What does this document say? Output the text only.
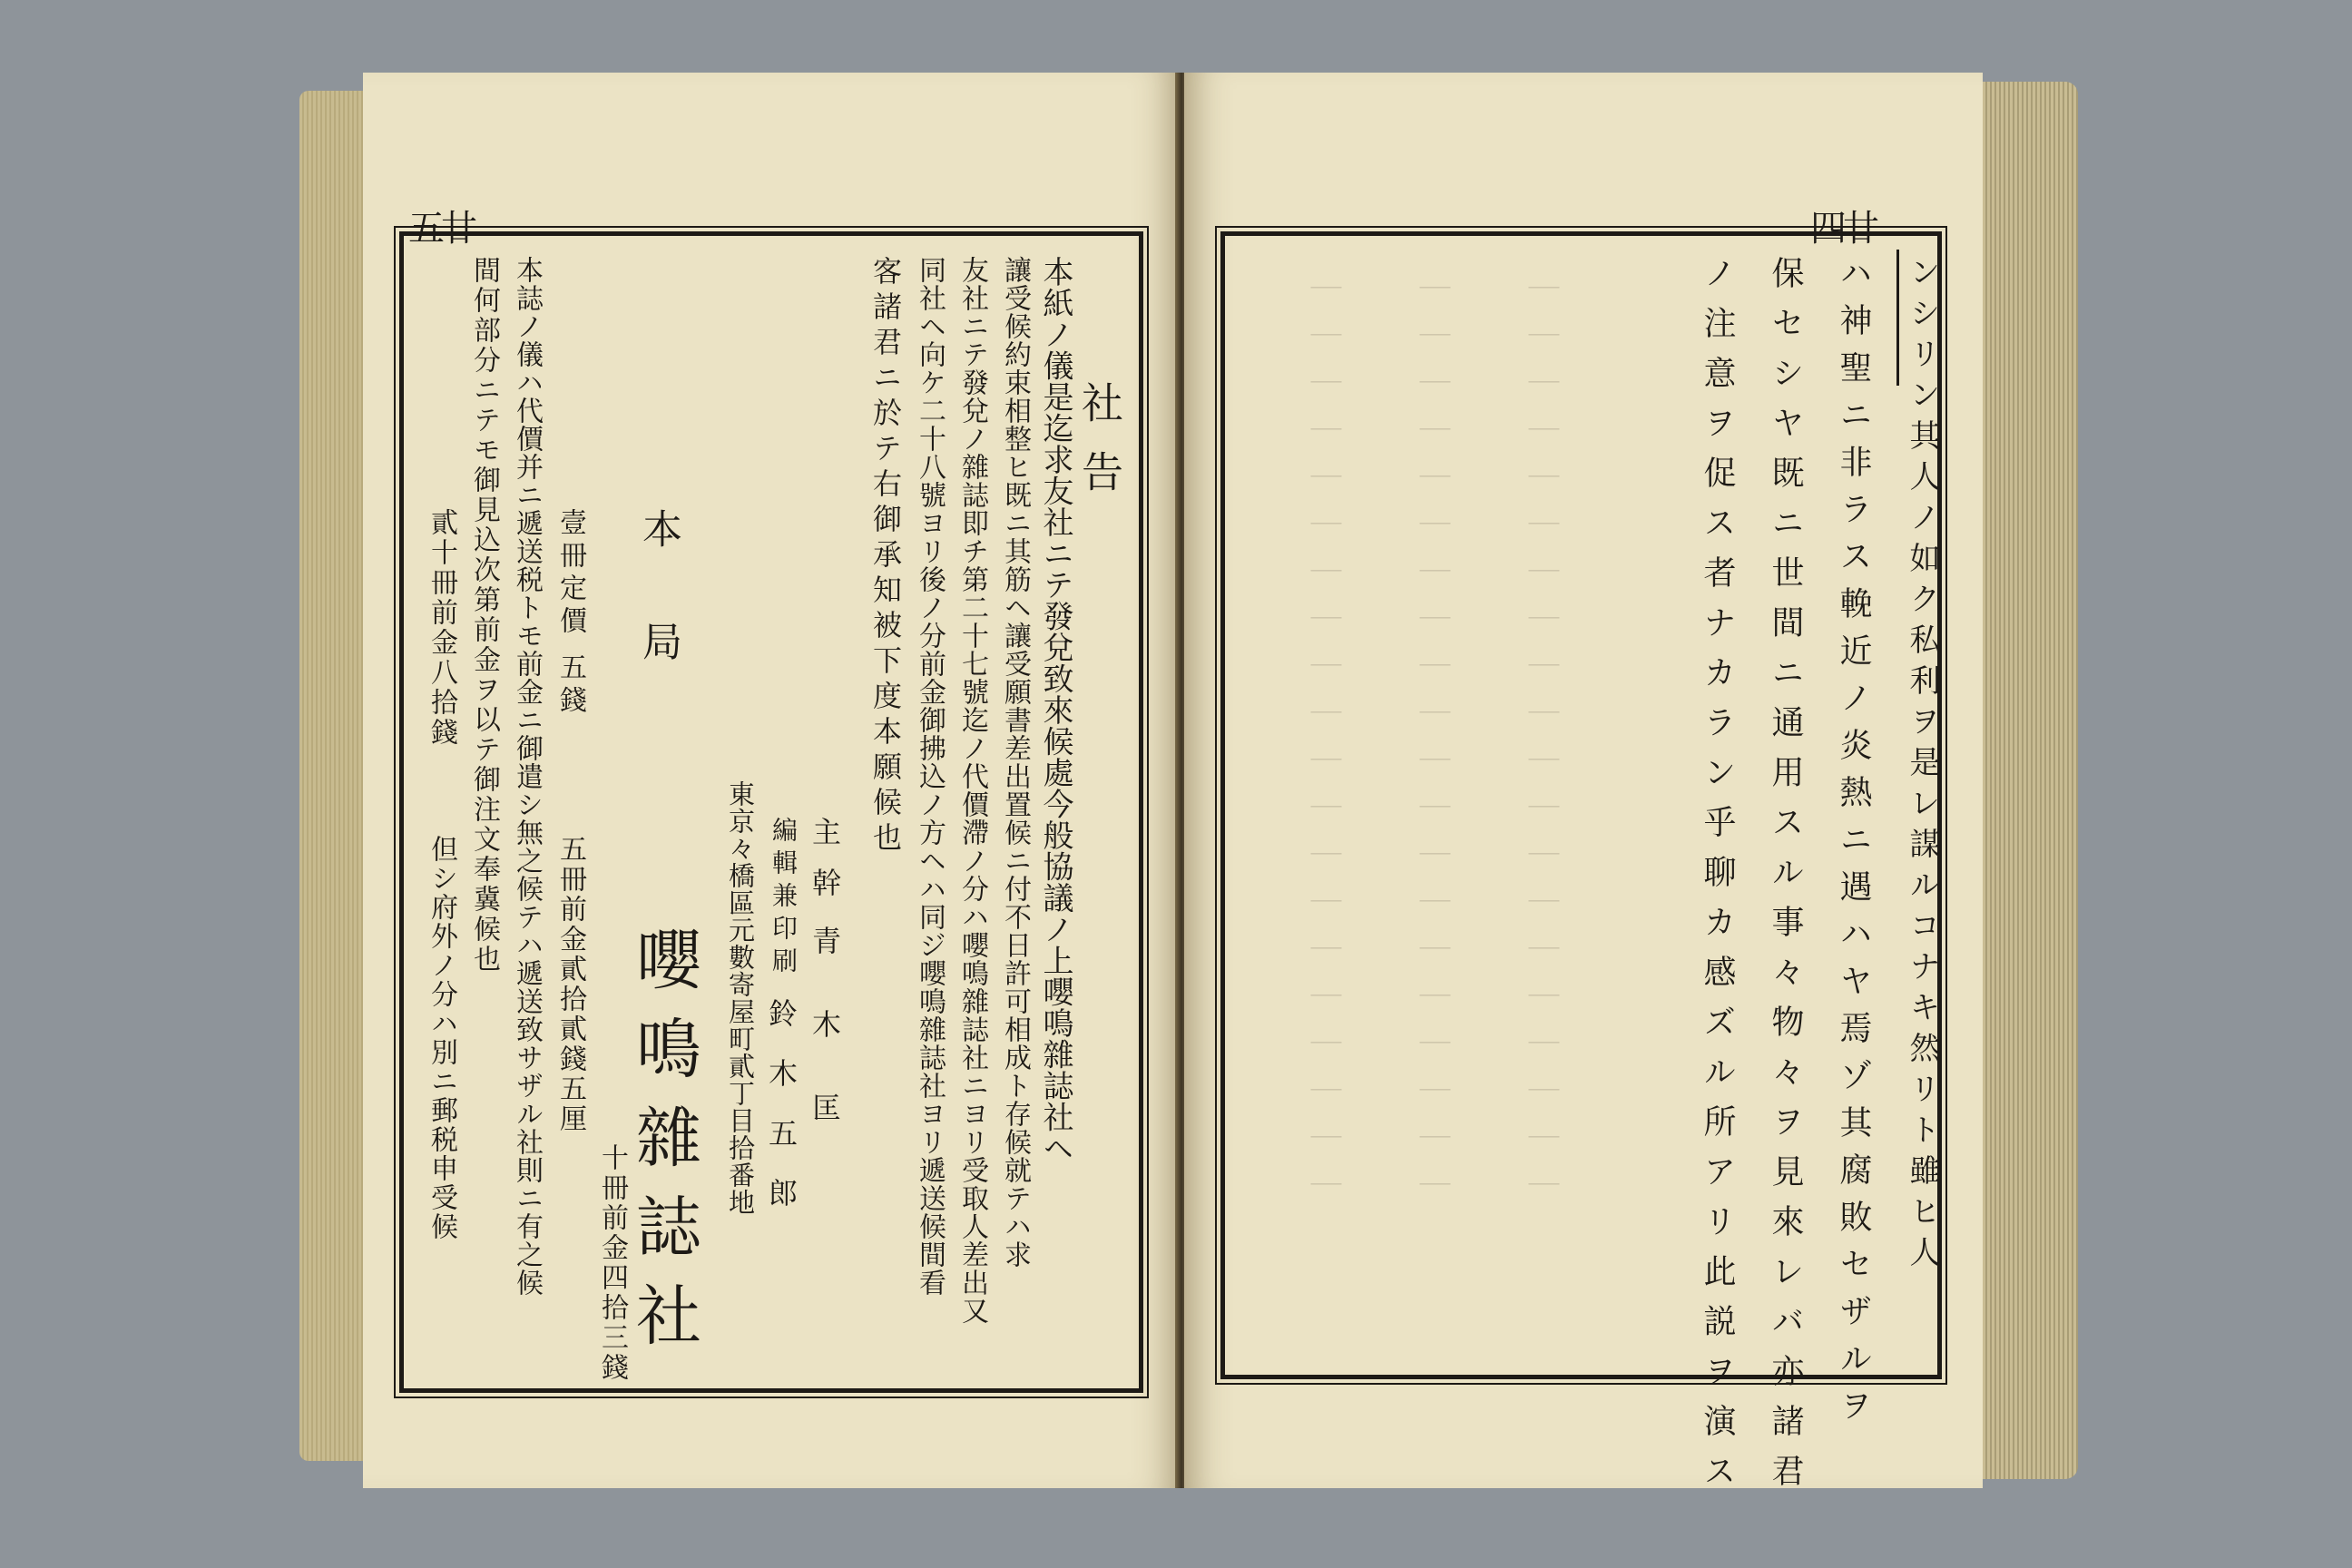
五廿
社告
本紙ノ儀是迄求友社ニテ發兌致來候處今般協議ノ上嚶鳴雜誌社ヘ
讓受候約束相整ヒ既ニ其筋ヘ讓受願書差出置候ニ付不日許可相成ト存候就テハ求
友社ニテ發兌ノ雜誌即チ第二十七號迄ノ代價滯ノ分ハ嚶鳴雜誌社ニヨリ受取人差出又
同社ヘ向ケ二十八號ヨリ後ノ分前金御拂込ノ方ヘハ同ジ嚶鳴雜誌社ヨリ遞送候間看
客諸君ニ於テ右御承知被下度本願候也
主幹
青木匡
編輯兼印刷
鈴木五郎
東京々橋區元數寄屋町貳丁目拾番地
本局
嚶鳴雜誌社
本誌ノ儀ハ代價并ニ遞送税トモ前金ニ御遣シ無之候テハ遞送致サザル社則ニ有之候
間何部分ニテモ御見込次第前金ヲ以テ御注文奉冀候也 壹冊定價 五錢
五冊前金貳拾貳錢五厘
十冊前金四拾三錢
貳十冊前金八拾錢
但シ府外ノ分ハ別ニ郵税申受候
四廿
｜｜｜｜｜｜｜｜｜｜｜｜｜｜｜｜｜｜｜｜
｜｜｜｜｜｜｜｜｜｜｜｜｜｜｜｜｜｜｜｜
｜｜｜｜｜｜｜｜｜｜｜｜｜｜｜｜｜｜｜｜	ンシリン其人ノ如ク私利ヲ是レ謀ルコナキ然リト雖ヒ人
ハ神聖ニ非ラス輓近ノ炎熱ニ遇ハヤ焉ゾ其腐敗セザルヲ
保セシヤ既ニ世間ニ通用スル事々物々ヲ見來レバ亦諸君
ノ注意ヲ促ス者ナカラン乎聊カ感ズル所アリ此説ヲ演ス
